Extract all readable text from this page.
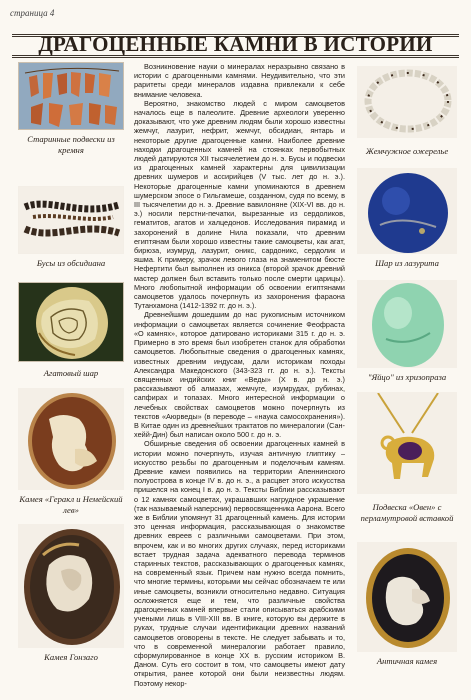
страница 4
ДРАГОЦЕННЫЕ КАМНИ В ИСТОРИИ
Старинные подвески из кремня
Бусы из обсидиана
Агатовый шар
Камея «Геракл и Немейский лев»
Камея Гонзаго

Возникновение науки о минералах неразрывно связано в истории с драгоценными камнями. Неудивительно, что эти раритеты среди минералов издавна привлекали к себе внимание человека.

Вероятно, знакомство людей с миром самоцветов началось еще в палеолите. Древние археологи уверенно доказывают, что уже древним людям были хорошо известны жемчуг, лазурит, нефрит, жемчуг, обсидиан, янтарь и некоторые другие драгоценные камни. Наиболее древние находки драгоценных камней на стоянках первобытных людей датируются XII тысячелетием до н. э. Бусы и подвески из драгоценных камней характерны для цивилизации древних шумеров и ассирийцев (V тыс. лет до н. э.). Некоторые драгоценные камни упоминаются в древнем шумерском эпосе о Гильгамеше, созданном, судя по всему, в III тысячелетии до н. э. Древние вавилоняне (XIX-VI вв. до н. э.) носили перстни-печатки, вырезанные из сердоликов, гематитов, агатов и халцедонов. Исследования пирамид и захоронений в долине Нила показали, что древним египтянам были хорошо известны такие самоцветы, как агат, бирюза, изумруд, лазурит, оникс, сардоникс, сердолик и яшма. К примеру, зрачок левого глаза на знаменитом бюсте Нефертити был выполнен из оникса (второй зрачок древний мастер должен был вставить только после смерти царицы). Много любопытной информации об освоении египтянами самоцветов удалось почерпнуть из захоронения фараона Тутанхамона (1412-1392 гг. до н. э.).

Древнейшим дошедшим до нас рукописным источником информации о самоцветах является сочинение Феофраста «О камнях», которое датировано историками 315 г. до н. э. Примерно в это время был изобретен станок для обработки самоцветов. Любопытные сведения о драгоценных камнях, известных древним индусам, дали историкам походы Александра Македонского (343-323 гг. до н. э.). Тексты священных индийских книг «Веды» (X в. до н. э.) рассказывают об алмазах, жемчуге, изумрудах, рубинах, сапфирах и топазах. Много интересной информации о лечебных свойствах самоцветов можно почерпнуть из текстов «Аюрведы» (в переводе – «наука самосохранения»). В Китае один из древнейших трактатов по минералогии (Сан-хейй-Дин) был написан около 500 г. до н. э.

Обширные сведения об освоении драгоценных камней в истории можно почерпнуть, изучая античную глиптику – искусство резьбы по драгоценным и поделочным камням. Древние камеи появились на территории Апеннинского полуострова в конце IV в. до н. э., а расцвет этого искусства пришелся на конец I в. до н. э. Тексты Библии рассказывают о 12 камнях самоцветах, украшавших нагрудное украшение (так называемый наперсник) первосвященника Аарона. Всего же в Библии упомянут 31 драгоценный камень. Для истории это ценная информация, рассказывающая о знакомстве древних евреев с различными самоцветами. При этом, впрочем, как и во многих других случаях, перед историками встает трудная задача адекватного перевода терминов старинных текстов, рассказывающих о драгоценных камнях, на современный язык. Причем нам нужно всегда помнить, что многие термины, которыми мы сейчас обозначаем те или иные самоцветы, возникли относительно недавно. Ситуация осложняется еще и тем, что различные свойства драгоценных камней впервые стали описываться арабскими учеными лишь в VIII-XIII вв. В книге, которую вы держите в руках, трудные случаи идентификации древних названий самоцветов оговорены в тексте. Не следует забывать и то, что в современной минералогии работает правило, сформулированное в конце XX в. русским историком В. Даном. Суть его состоит в том, что самоцветы имеют дату открытия, ранее которой они были неизвестны людям. Поэтому некор-

Жемчужное ожерелье
Шар из лазурита
"Яйцо" из хризопраза
Подвеска «Овен» с перламутровой вставкой
Античная камея
